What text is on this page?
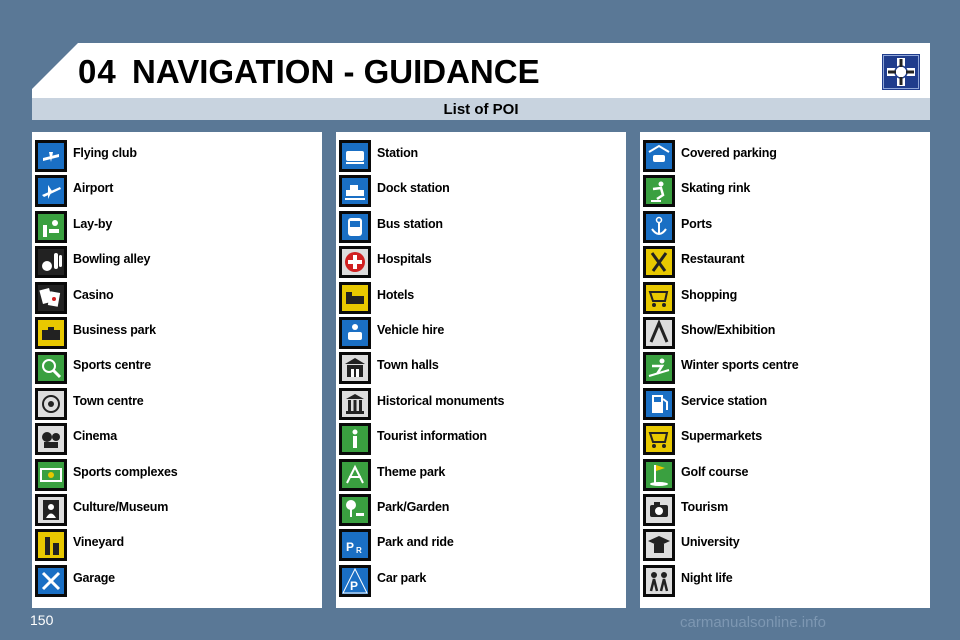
04 NAVIGATION - GUIDANCE
List of POI
Flying club
Airport
Lay-by
Bowling alley
Casino
Business park
Sports centre
Town centre
Cinema
Sports complexes
Culture/Museum
Vineyard
Garage
Station
Dock station
Bus station
Hospitals
Hotels
Vehicle hire
Town halls
Historical monuments
Tourist information
Theme park
Park/Garden
P R
Park and ride
P
Car park
Covered parking
Skating rink
Ports
Restaurant
Shopping
Show/Exhibition
Winter sports centre
Service station
Supermarkets
Golf course
Tourism
University
Night life
150	carmanualsonline.info
